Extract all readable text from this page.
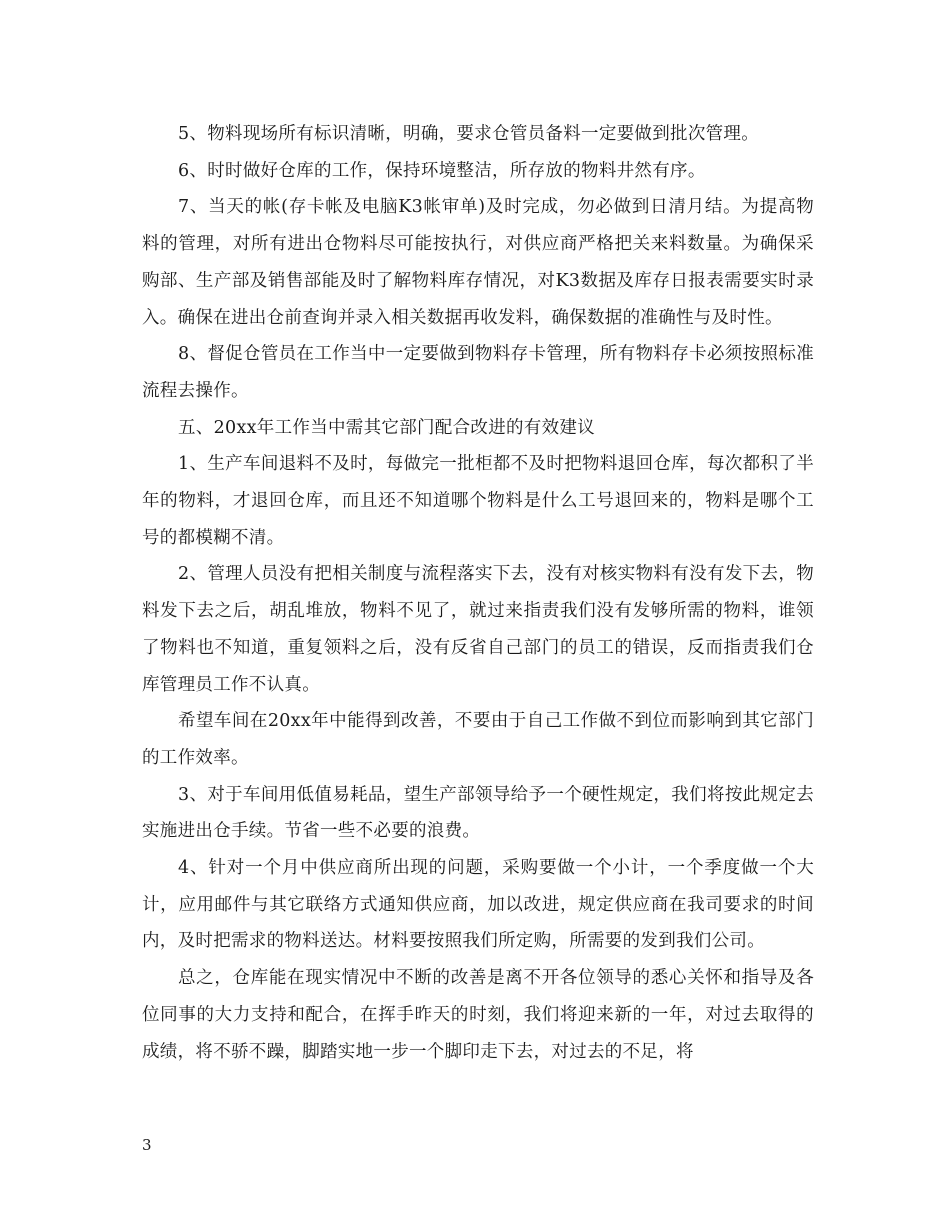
5、物料现场所有标识清晰，明确，要求仓管员备料一定要做到批次管理。

6、时时做好仓库的工作，保持环境整洁，所存放的物料井然有序。

7、当天的帐(存卡帐及电脑K3帐审单)及时完成，勿必做到日清月结。为提高物料的管理，对所有进出仓物料尽可能按执行，对供应商严格把关来料数量。为确保采购部、生产部及销售部能及时了解物料库存情况，对K3数据及库存日报表需要实时录入。确保在进出仓前查询并录入相关数据再收发料，确保数据的准确性与及时性。

8、督促仓管员在工作当中一定要做到物料存卡管理，所有物料存卡必须按照标准流程去操作。

五、20xx年工作当中需其它部门配合改进的有效建议

1、生产车间退料不及时，每做完一批柜都不及时把物料退回仓库，每次都积了半年的物料，才退回仓库，而且还不知道哪个物料是什么工号退回来的，物料是哪个工号的都模糊不清。

2、管理人员没有把相关制度与流程落实下去，没有对核实物料有没有发下去，物料发下去之后，胡乱堆放，物料不见了，就过来指责我们没有发够所需的物料，谁领了物料也不知道，重复领料之后，没有反省自己部门的员工的错误，反而指责我们仓库管理员工作不认真。

希望车间在20xx年中能得到改善，不要由于自己工作做不到位而影响到其它部门的工作效率。

3、对于车间用低值易耗品，望生产部领导给予一个硬性规定，我们将按此规定去实施进出仓手续。节省一些不必要的浪费。

4、针对一个月中供应商所出现的问题，采购要做一个小计，一个季度做一个大计，应用邮件与其它联络方式通知供应商，加以改进，规定供应商在我司要求的时间内，及时把需求的物料送达。材料要按照我们所定购，所需要的发到我们公司。

总之，仓库能在现实情况中不断的改善是离不开各位领导的悉心关怀和指导及各位同事的大力支持和配合，在挥手昨天的时刻，我们将迎来新的一年，对过去取得的成绩，将不骄不躁，脚踏实地一步一个脚印走下去，对过去的不足，将

3
